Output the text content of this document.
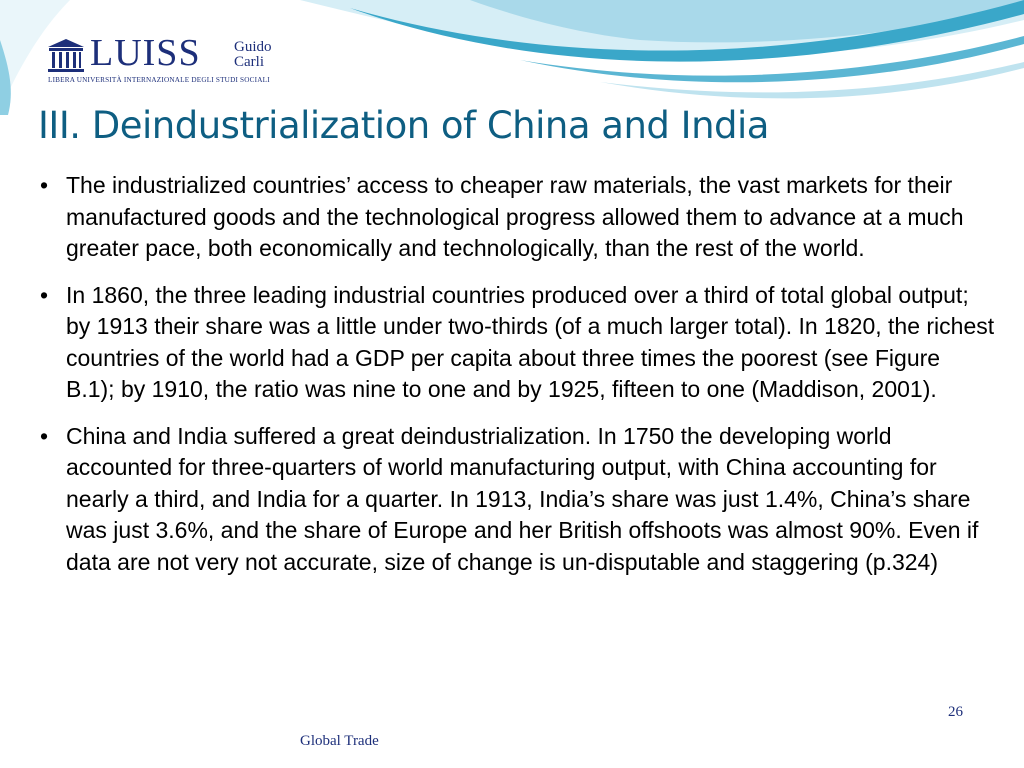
LUISS Guido
Carli
LIBERA UNIVERSITÀ INTERNAZIONALE DEGLI STUDI SOCIALI
III. Deindustrialization of China and India
• The industrialized countries’ access to cheaper raw materials, the vast markets for their manufactured goods and the technological progress allowed them to advance at a much greater pace, both economically and technologically, than the rest of the world.
• In 1860, the three leading industrial countries produced over a third of total global output; by 1913 their share was a little under two-thirds (of a much larger total). In 1820, the richest countries of the world had a GDP per capita about three times the poorest (see Figure B.1); by 1910, the ratio was nine to one and by 1925, fifteen to one (Maddison, 2001).
• China and India suffered a great deindustrialization. In 1750 the developing world accounted for three-quarters of world manufacturing output, with China accounting for nearly a third, and India for a quarter. In 1913, India’s share was just 1.4%, China’s share was just 3.6%, and the share of Europe and her British offshoots was almost 90%. Even if data are not very not accurate, size of change is un-disputable and staggering (p.324)
26
Global Trade
